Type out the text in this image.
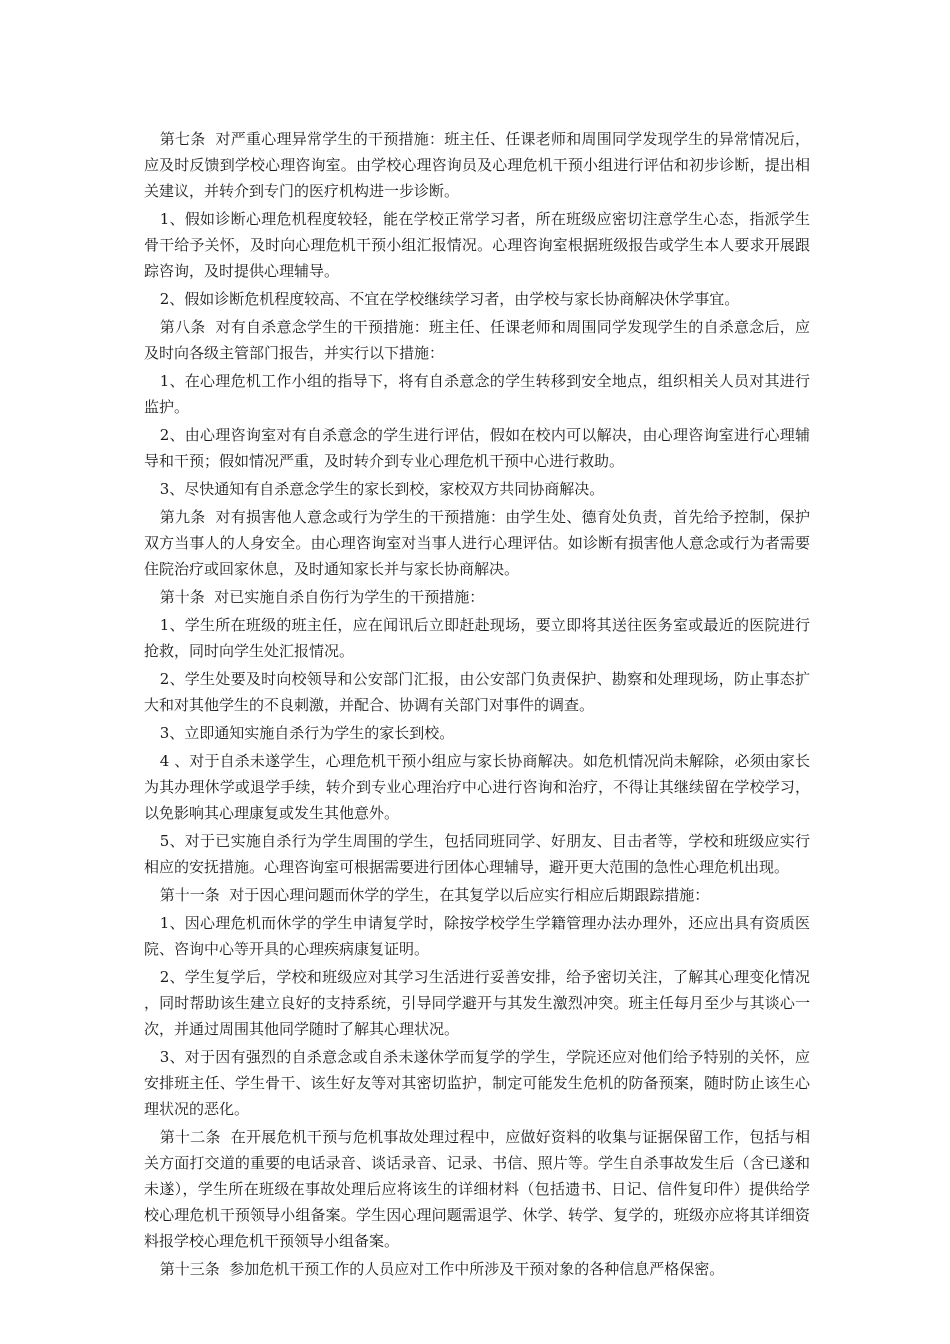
第七条  对严重心理异常学生的干预措施：班主任、任课老师和周围同学发现学生的异常情况后，应及时反馈到学校心理咨询室。由学校心理咨询员及心理危机干预小组进行评估和初步诊断，提出相关建议，并转介到专门的医疗机构进一步诊断。

1、假如诊断心理危机程度较轻，能在学校正常学习者，所在班级应密切注意学生心态，指派学生骨干给予关怀，及时向心理危机干预小组汇报情况。心理咨询室根据班级报告或学生本人要求开展跟踪咨询，及时提供心理辅导。

2、假如诊断危机程度较高、不宜在学校继续学习者，由学校与家长协商解决休学事宜。

第八条  对有自杀意念学生的干预措施：班主任、任课老师和周围同学发现学生的自杀意念后，应及时向各级主管部门报告，并实行以下措施：

1、在心理危机工作小组的指导下，将有自杀意念的学生转移到安全地点，组织相关人员对其进行监护。

2、由心理咨询室对有自杀意念的学生进行评估，假如在校内可以解决，由心理咨询室进行心理辅导和干预；假如情况严重，及时转介到专业心理危机干预中心进行救助。

3、尽快通知有自杀意念学生的家长到校，家校双方共同协商解决。

第九条  对有损害他人意念或行为学生的干预措施：由学生处、德育处负责，首先给予控制，保护双方当事人的人身安全。由心理咨询室对当事人进行心理评估。如诊断有损害他人意念或行为者需要住院治疗或回家休息，及时通知家长并与家长协商解决。

第十条  对已实施自杀自伤行为学生的干预措施：

1、学生所在班级的班主任，应在闻讯后立即赶赴现场，要立即将其送往医务室或最近的医院进行抢救，同时向学生处汇报情况。

2、学生处要及时向校领导和公安部门汇报，由公安部门负责保护、勘察和处理现场，防止事态扩大和对其他学生的不良刺激，并配合、协调有关部门对事件的调查。

3、立即通知实施自杀行为学生的家长到校。

4 、对于自杀未遂学生，心理危机干预小组应与家长协商解决。如危机情况尚未解除，必须由家长为其办理休学或退学手续，转介到专业心理治疗中心进行咨询和治疗，不得让其继续留在学校学习，以免影响其心理康复或发生其他意外。

5、对于已实施自杀行为学生周围的学生，包括同班同学、好朋友、目击者等，学校和班级应实行相应的安抚措施。心理咨询室可根据需要进行团体心理辅导，避开更大范围的急性心理危机出现。

第十一条  对于因心理问题而休学的学生，在其复学以后应实行相应后期跟踪措施：

1、因心理危机而休学的学生申请复学时，除按学校学生学籍管理办法办理外，还应出具有资质医院、咨询中心等开具的心理疾病康复证明。

2、学生复学后，学校和班级应对其学习生活进行妥善安排，给予密切关注，了解其心理变化情况，同时帮助该生建立良好的支持系统，引导同学避开与其发生激烈冲突。班主任每月至少与其谈心一次，并通过周围其他同学随时了解其心理状况。

3、对于因有强烈的自杀意念或自杀未遂休学而复学的学生，学院还应对他们给予特别的关怀，应安排班主任、学生骨干、该生好友等对其密切监护，制定可能发生危机的防备预案，随时防止该生心理状况的恶化。

第十二条  在开展危机干预与危机事故处理过程中，应做好资料的收集与证据保留工作，包括与相关方面打交道的重要的电话录音、谈话录音、记录、书信、照片等。学生自杀事故发生后（含已遂和未遂），学生所在班级在事故处理后应将该生的详细材料（包括遗书、日记、信件复印件）提供给学校心理危机干预领导小组备案。学生因心理问题需退学、休学、转学、复学的，班级亦应将其详细资料报学校心理危机干预领导小组备案。

第十三条  参加危机干预工作的人员应对工作中所涉及干预对象的各种信息严格保密。
